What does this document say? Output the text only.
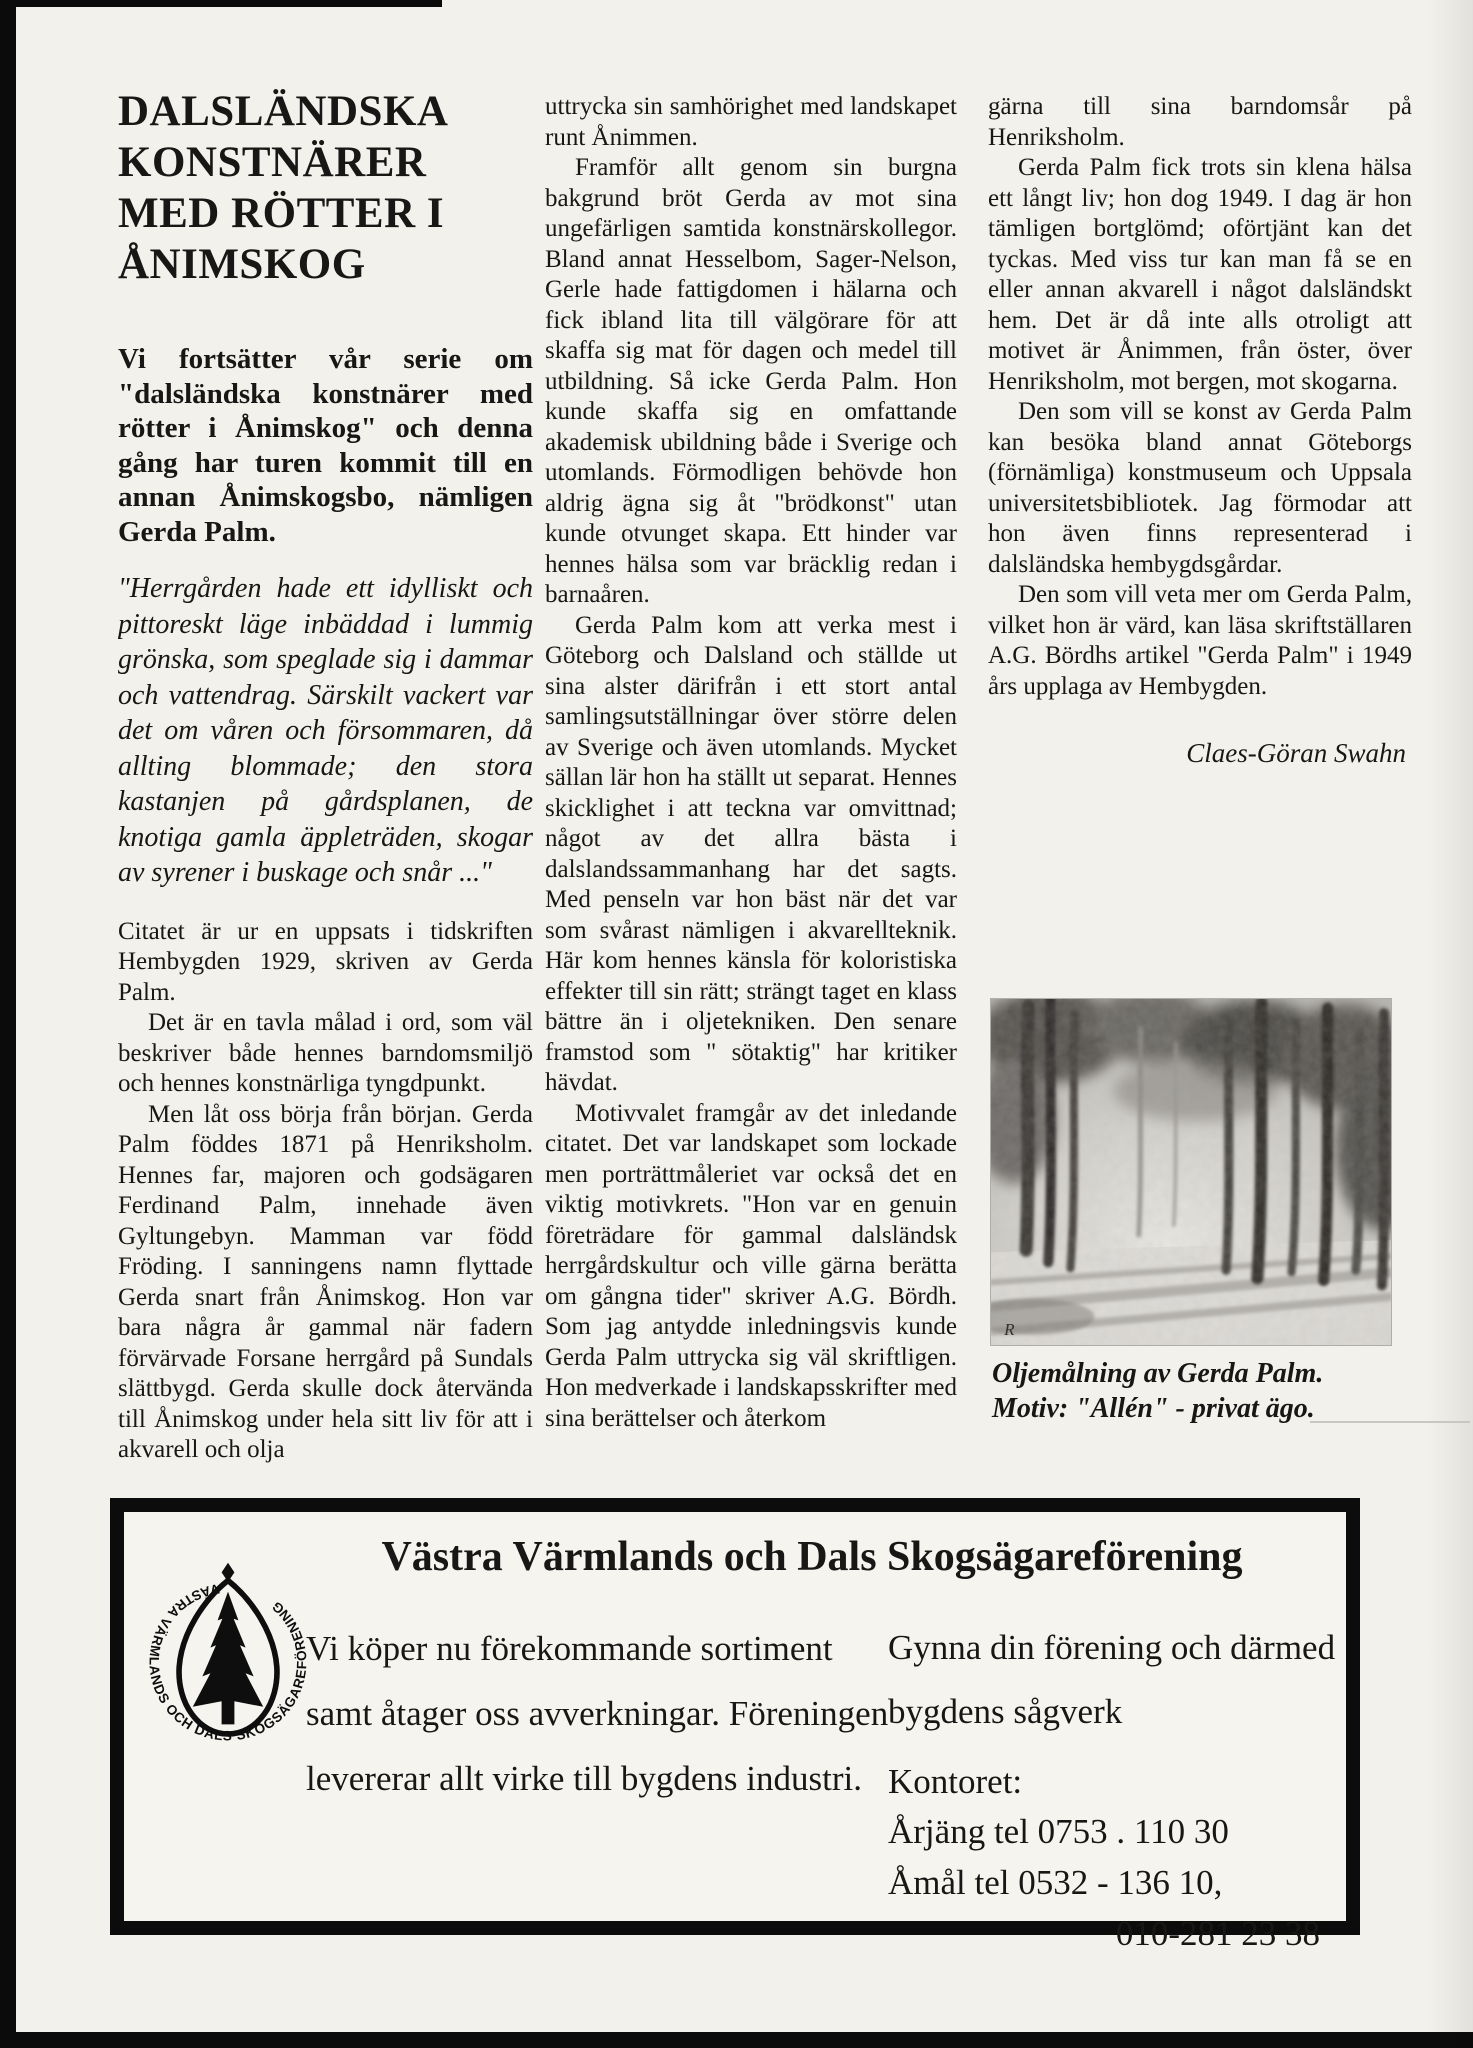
DALSLÄNDSKA
KONSTNÄRER
MED RÖTTER I
ÅNIMSKOG

Vi fortsätter vår serie om "dalsländska konstnärer med rötter i Ånimskog" och denna gång har turen kommit till en annan Ånimskogsbo, nämligen Gerda Palm.

"Herrgården hade ett idylliskt och pittoreskt läge inbäddad i lummig grönska, som speglade sig i dammar och vattendrag. Särskilt vackert var det om våren och försommaren, då allting blommade; den stora kastanjen på gårdsplanen, de knotiga gamla äppleträden, skogar av syrener i buskage och snår ..."

Citatet är ur en uppsats i tidskriften Hembygden 1929, skriven av Gerda Palm.

Det är en tavla målad i ord, som väl beskriver både hennes barndomsmiljö och hennes konstnärliga tyngdpunkt.

Men låt oss börja från början. Gerda Palm föddes 1871 på Henriksholm. Hennes far, majoren och godsägaren Ferdinand Palm, innehade även Gyltungebyn. Mamman var född Fröding. I sanningens namn flyttade Gerda snart från Ånimskog. Hon var bara några år gammal när fadern förvärvade Forsane herrgård på Sundals slättbygd. Gerda skulle dock återvända till Ånimskog under hela sitt liv för att i akvarell och olja

uttrycka sin samhörighet med landskapet runt Ånimmen.

Framför allt genom sin burgna bakgrund bröt Gerda av mot sina ungefärligen samtida konstnärskollegor. Bland annat Hesselbom, Sager-Nelson, Gerle hade fattigdomen i hälarna och fick ibland lita till välgörare för att skaffa sig mat för dagen och medel till utbildning. Så icke Gerda Palm. Hon kunde skaffa sig en omfattande akademisk ubildning både i Sverige och utomlands. Förmodligen behövde hon aldrig ägna sig åt "brödkonst" utan kunde otvunget skapa. Ett hinder var hennes hälsa som var bräcklig redan i barnaåren.

Gerda Palm kom att verka mest i Göteborg och Dalsland och ställde ut sina alster därifrån i ett stort antal samlingsutställningar över större delen av Sverige och även utomlands. Mycket sällan lär hon ha ställt ut separat. Hennes skicklighet i att teckna var omvittnad; något av det allra bästa i dalslandssammanhang har det sagts. Med penseln var hon bäst när det var som svårast nämligen i akvarellteknik. Här kom hennes känsla för koloristiska effekter till sin rätt; strängt taget en klass bättre än i oljetekniken. Den senare framstod som " sötaktig" har kritiker hävdat.

Motivvalet framgår av det inledande citatet. Det var landskapet som lockade men porträttmåleriet var också det en viktig motivkrets. "Hon var en genuin företrädare för gammal dalsländsk herrgårdskultur och ville gärna berätta om gångna tider" skriver A.G. Bördh. Som jag antydde inledningsvis kunde Gerda Palm uttrycka sig väl skriftligen. Hon medverkade i landskapsskrifter med sina berättelser och återkom

gärna till sina barndomsår på Henriksholm.

Gerda Palm fick trots sin klena hälsa ett långt liv; hon dog 1949. I dag är hon tämligen bortglömd; oförtjänt kan det tyckas. Med viss tur kan man få se en eller annan akvarell i något dalsländskt hem. Det är då inte alls otroligt att motivet är Ånimmen, från öster, över Henriksholm, mot bergen, mot skogarna.

Den som vill se konst av Gerda Palm kan besöka bland annat Göteborgs (förnämliga) konstmuseum och Uppsala universitetsbibliotek. Jag förmodar att hon även finns representerad i dalsländska hembygdsgårdar.

Den som vill veta mer om Gerda Palm, vilket hon är värd, kan läsa skriftställaren A.G. Bördhs artikel "Gerda Palm" i 1949 års upplaga av Hembygden.

Claes-Göran Swahn
R
Oljemålning av Gerda Palm.
Motiv: "Allén" - privat ägo.
VÄSTRA VÄRMLANDS OCH DALS SKOGSÄGAREFÖRENING
Västra Värmlands och Dals Skogsägareförening
Vi köper nu förekommande sortiment samt åtager oss avverkningar. Föreningen levererar allt virke till bygdens industri.

Gynna din förening och därmed bygdens sågverk

Kontoret:

Årjäng tel 0753 . 110 30
Åmål tel 0532 - 136 10,
010-281 23 38
